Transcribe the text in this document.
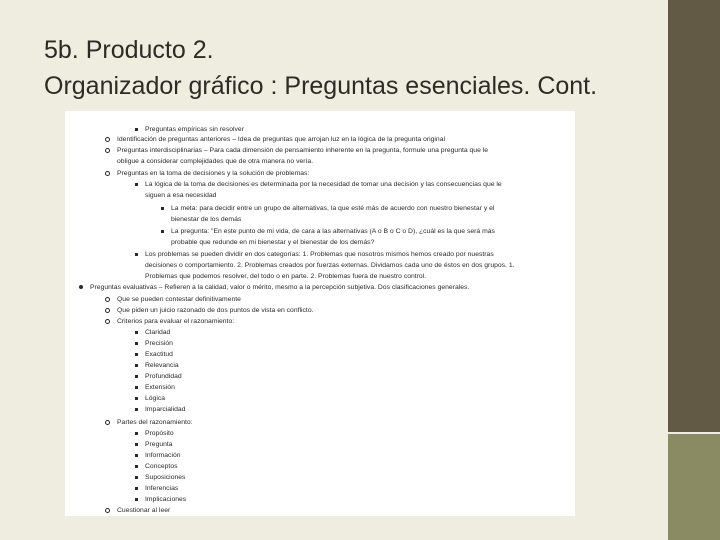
5b. Producto 2.
Organizador gráfico : Preguntas esenciales. Cont.
Preguntas empíricas sin resolver
Identificación de preguntas anteriores – Idea de preguntas que arrojan luz en la lógica de la pregunta original
Preguntas interdisciplinarias – Para cada dimensión de pensamiento inherente en la pregunta, formule una pregunta que le
obligue a considerar complejidades que de otra manera no vería.
Preguntas en la toma de decisiones y la solución de problemas:
La lógica de la toma de decisiones es determinada por la necesidad de tomar una decisión y las consecuencias que le
siguen a esa necesidad
La meta: para decidir entre un grupo de alternativas, la que esté más de acuerdo con nuestro bienestar y el
bienestar de los demás
La pregunta: "En este punto de mi vida, de cara a las alternativas (A o B o C o D), ¿cuál es la que será más
probable que redunde en mi bienestar y el bienestar de los demás?
Los problemas se pueden dividir en dos categorías: 1. Problemas que nosotros mismos hemos creado por nuestras
decisiones o comportamiento. 2. Problemas creados por fuerzas externas. Dividamos cada uno de éstos en dos grupos. 1.
Problemas que podemos resolver, del todo o en parte. 2. Problemas fuera de nuestro control.
Preguntas evaluativas – Refieren a la calidad, valor o mérito, mesmo a la percepción subjetiva. Dos clasificaciones generales.
Que se pueden contestar definitivamente
Que piden un juicio razonado de dos puntos de vista en conflicto.
Criterios para evaluar el razonamiento:
Claridad
Precisión
Exactitud
Relevancia
Profundidad
Extensión
Lógica
Imparcialidad
Partes del razonamiento:
Propósito
Pregunta
Información
Conceptos
Suposiciones
Inferencias
Implicaciones
Cuestionar al leer
